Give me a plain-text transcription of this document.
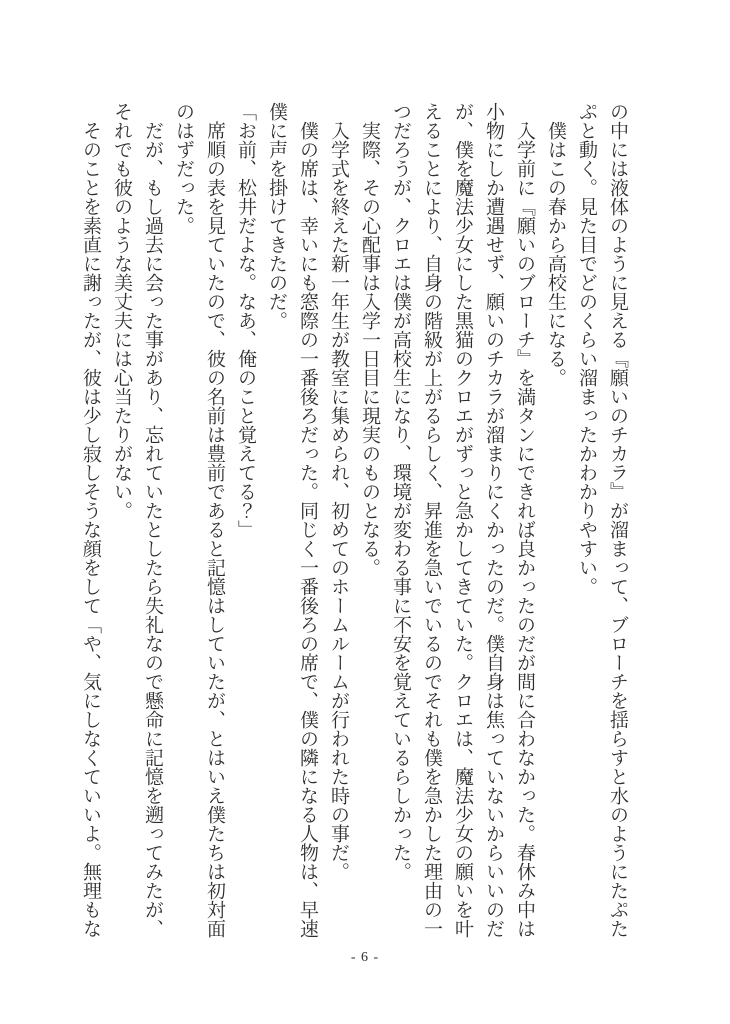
の中には液体のように見える『願いのチカラ』が溜まって、ブローチを揺らすと水のようにたぷたぷと動く。見た目でどのくらい溜まったかわかりやすい。

僕はこの春から高校生になる。

入学前に『願いのブローチ』を満タンにできれば良かったのだが間に合わなかった。春休み中は小物にしか遭遇せず、願いのチカラが溜まりにくかったのだ。僕自身は焦っていないからいいのだが、僕を魔法少女にした黒猫のクロエがずっと急かしてきていた。クロエは、魔法少女の願いを叶えることにより、自身の階級が上がるらしく、昇進を急いでいるのでそれも僕を急かした理由の一つだろうが、クロエは僕が高校生になり、環境が変わる事に不安を覚えているらしかった。

実際、その心配事は入学一日目に現実のものとなる。

入学式を終えた新一年生が教室に集められ、初めてのホームルームが行われた時の事だ。

僕の席は、幸いにも窓際の一番後ろだった。同じく一番後ろの席で、僕の隣になる人物は、早速僕に声を掛けてきたのだ。

「お前、松井だよな。なあ、俺のこと覚えてる？」

席順の表を見ていたので、彼の名前は豊前であると記憶はしていたが、とはいえ僕たちは初対面のはずだった。

だが、もし過去に会った事があり、忘れていたとしたら失礼なので懸命に記憶を遡ってみたが、それでも彼のような美丈夫には心当たりがない。

そのことを素直に謝ったが、彼は少し寂しそうな顔をして「や、気にしなくていいよ。無理もな

- 6 -
